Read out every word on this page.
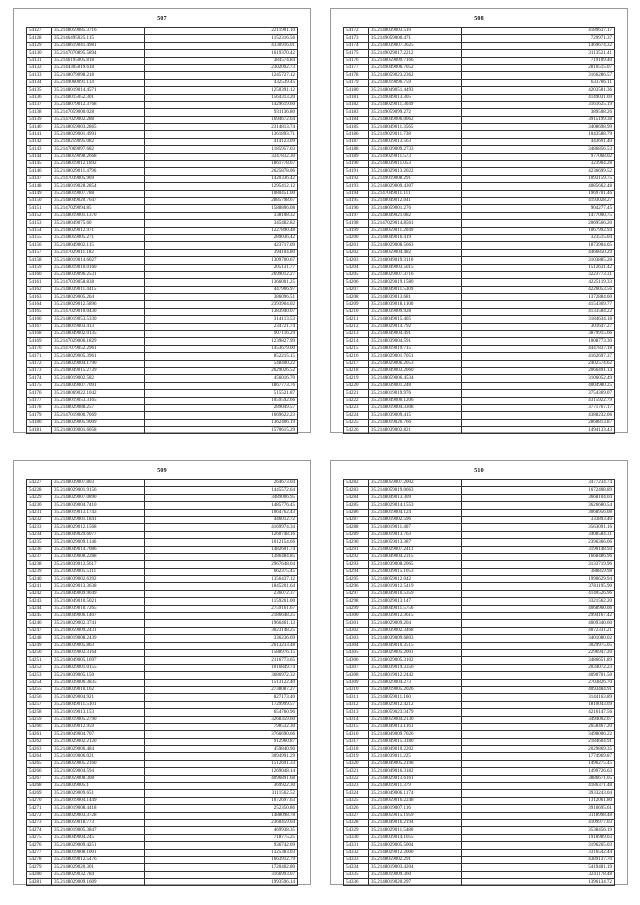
507
54127	35.2148059085.3716	2211901.10
54128	35.2146495025.115	1152316.56
54129	35.2148619041.4981	4330916.01
54130	35.2147070895.5894	1619370.42
54131	35.2146195005.818	384574.84
54132	35.2144305019.618	2302092.73
54133	35.2148079098.218	1245727.12
54134	35.2149060091.114	432539.45
54135	35.2148019014.4571	1250391.12
54136	35.2148015052.301	1564313.20
54137	35.2148079012.3768	1429619.60
54138	35.2147059000.028	931136.80
54139	35.2147029002.288	1694672.64
54140	35.2148059003.2865	2314813.74
54141	35.2148029001.4991	1361893.71
54142	35.2148259095.082	414123.09
54143	35.2147069097.682	1185957.03
54144	35.2148059098.2668	3347832.30
54145	35.2148019012.1892	1861778.67
54146	35.2148029011.4796	2625878.06
54147	35.2147039005.969	1420336.42
54148	35.2148019028.2854	1295412.12
54149	35.2148019007.788	1080451.00
54150	35.2148049020.7647	2885798.67
54151	35.2147029094.85	1588806.08
54152	35.2148019001.1370	338108.32
54153	35.2148049075.60	345482.82
54154	35.2148029012.971	1227890.48
54155	35.2148059005.271	289036.42
54156	35.2148049002.115	423717.09
54157	35.2147029011.182	394104.80
54158	35.2148019014.6027	1309700.67
54159	35.2148019010.0160	205131.77
54160	35.2148039096.2531	2699012.27
54161	35.2147039058.838	1366001.25
54162	35.2148039011.4415	447906.97
54163	35.2148029005.264	386096.51
54164	35.2148029012.5896	2393904.02
54165	35.2147029010.0430	1383940.07
54166	35.2148019053.5330	314113.53
54167	35.2148019003.413	234721.74
54168	35.2148049002.0135	907116.29
54169	35.2147029006.1829	1239827.99
54170	35.2147079052.2961	1453679.00
54171	35.2148029005.3961	852215.15
54172	35.2148029004.1790	548400.22
54173	35.2148049015.2739	2629026.52
54174	35.2148019002.582	456016.70
54175	35.2148039007.7091	1867773.76
54176	35.2148069022.1042	515521.87
54177	35.2148019053.3165	1059592.66
54178	35.2148029088.257	289049.57
54179	35.2147019000.7069	1669622.23
54180	35.2148029005.9009	1362406.19
54181	35.2148039001.6058	1570615.29
508
54172	35.2148039003.510	4189637.17
54173	35.2149059000.471	729971.37
54174	35.2148039007.3625	1469674.32
54175	35.2149029017.2212	3113521.41
54176	35.2148059009.7166	719109.40
54177	35.2149049006.7052	2810515.07
54178	35.2148059023.2362	3166286.57
54179	35.2148019096.759	633786.11
54180	35.2148049051.4493	4203581.36
54181	35.2149049013.305	4149031.69
54182	35.2148029011.3049	3161625.19
54183	35.2149059099.272	389508.26
54184	35.2148049006.0062	3915199.38
54185	35.2148049011.3565	3408698.99
54186	35.2149029011.738	1043588.79
54187	35.2148039013.563	443691.40
54188	35.2148039009.2733	3486856.53
54189	35.2149029011.573	977068.02
54190	35.2148039011.053	323904.28
54191	35.2148029013.2022	4236699.52
54192	35.2149019008.291	1093159.75
54193	35.2148029009.4307	4085662.48
54194	35.2147049011.111	1969701.46
54195	35.2148049012.041	4193028.27
54196	35.2148059001.276	904277.45
54197	35.2148049021.082	1477000.75
54198	35.2147029014.8561	2069566.20
54199	35.2148059011.2049	1067992.94
54200	35.2148049016.419	323515.04
54201	35.2148029008.5663	1873904.05
54202	35.2148059004.482	4466850.29
54203	35.2148049019.3110	3103885.28
54204	35.2148049003.5015	1512631.42
54205	35.2148029007.3716	3223773.31
54206	35.2148029019.1580	4225119.33
54207	35.2148049011.5309	4226053.56
54208	35.2148039013.681	1372884.60
54209	35.2148039018.1100	4154369.77
54210	35.2148039009.928	4133584.22
54211	35.2148049015.405	3184634.18
54212	35.2148029014.792	301647.27
54213	35.2148049004.491	3879915.66
54214	35.2148039004.591	1008773.30
54215	35.2148019019.715	4447837.18
54216	35.2148029001.7051	4162697.37
54217	35.2148029006.2053	2402574.62
54218	35.2148049003.2060	2066491.14
54219	35.2148059006.4534	3106052.49
54220	35.2148039001.248	4004980.25
54221	35.2148019019.976	3754369.07
54222	35.2148049000.1206	4315922.79
54223	35.2148019004.3308	3771767.17
54224	35.2148039009.415	4388232.06
54225	35.2148019026.766	2868813.87
54226	35.2148039002.821	1494133.43
509
54227	35.2148039007.803	264673.04
54228	35.2148029001.9156	1445572.64
54229	35.2148029007.0890	3489006.95
54230	35.2148039004.7410	1485776.45
54231	35.2148019013.1743	1064762.43
54232	35.2148029001.1841	446012.72
54233	35.2148029012.1568	4169974.34
54234	35.2148049029.6077	1260748.16
54235	35.2148029009.1146	1012154.66
54236	35.2148049014.7086	1482601.74
54237	35.2148039008.2288	1386484.85
54238	35.2148039013.5617	2967648.04
54239	35.2148039005.5111	662375.45
54240	35.2148039002.6392	1356437.12
54241	35.2148029013.3638	1845201.64
54242	35.2148049009.9049	236072.37
54243	35.2148049010.5021	1159261.00
54244	35.2148039010.7265	2759161.67
54245	35.2148049006.1407	2186648.25
54246	35.2148029002.3741	1966461.13
54247	35.2148059009.2431	3023148.25
54248	35.2148019008.2439	336236.69
54249	35.2148039005.863	2613233.48
54250	35.2148019002.3164	1588976.15
54251	35.2148049005.1697	2116773.65
54252	35.2148029001.0155	1016849.74
54253	35.2148039005.150	3686972.32
54254	35.2148039006.3835	1513122.40
54255	35.2148039010.162	2738087.27
54256	35.2148029004.921	827173.40
54257	35.2148049011.5101	1729999.57
54258	35.2148019013.153	654760.96
54259	35.2148019005.2790	3268359.60
54260	35.2148039012.959	798532.30
54261	35.2148049004.707	3766690.66
54262	35.2148029002.2120	912960.87
54263	35.2148029006.484	459840.90
54264	35.2148019006.021	3094991.29
54265	35.2148059005.2160	1512691.33
54266	35.2148059004.594	1269048.14
54267	35.2148059008.308	4096891.68
54268	35.2148039005.1	369922.30
54269	35.2148029009.651	3111562.52
54270	35.2148019004.1449	1072697.63
54271	35.2148019008.4418	252350.86
54272	35.2148029003.3728	1488098.78
54273	35.2148059018.773	2360459.04
54274	35.2148019005.3847	469938.35
54275	35.2148049004.245	718775.25
54276	35.2148029009.4251	936742.09
54277	35.2148019008.1001	1325383.03
54278	35.2148019012.5476	1663912.79
54279	35.2148029020.301	1720402.80
54280	35.2148029032.784	3166993.07
54281	35.2148029009.1609	1993596.14
510
54282	35.2148059007.2002	3477234.74
54283	35.2148059019.0663	1672408.89
54284	35.2148049013.309	3668104.04
54285	35.2148029014.1553	3626680.54
54286	35.2148019004.124	3068956.08
54287	35.2148019002.596	333893.40
54288	35.2148019011.407	3563091.16
54289	35.2148019013.763	3408584.31
54290	35.2148059013.387	2396366.06
54291	35.2148029007.2411	3190148.94
54292	35.2148049004.2315	1668486.96
54293	35.2148039008.2065	3133719.96
54294	35.2148039015.1053	388859.98
54295	35.2148059012.042	1990629.94
54296	35.2148019012.5419	3781195.90
54297	35.2148049010.5359	4140526.96
54298	35.2148029013.147	3321562.20
54299	35.2148049011.5756	4068960.06
54300	35.2148039012.3615	2994167.42
54301	35.2148029009.204	4009340.60
54302	35.2148039002.3468	4072331.21
54303	35.2148039009.6803	3401080.02
54304	35.2148049010.3515	3029975.05
54305	35.2148029005.2001	2296947.20
54306	35.2148029005.3102	3486651.89
54307	35.2148039019.3356	2034072.23
54308	35.2148019012.2442	4090701.50
54309	35.2148029004.273	2703826.70
54310	35.2148019005.2026	4093484.91
54311	35.2148059011.160	3144163.89
54312	35.2148029012.4212	1810043.69
54313	35.2148059023.3479	4216147.56
54314	35.2148059004.2130	3494002.07
54315	35.2148049013.1161	2658467.20
54316	35.2148049009.7026	3498006.22
54317	35.2148049015.3180	2184604.91
54318	35.2148049010.2202	2029869.35
54319	35.2148039011.225	1774969.87
54320	35.2148049005.2198	1496275.45
54321	35.2148049016.3182	1499726.63
54322	35.2148029013.6161	3886671.05
54323	35.2148019011.379	4186371.48
54324	35.2148049006.1174	3933243.04
54325	35.2148059016.2248	1312061.80
54326	35.2148019007.116	3916695.61
54327	35.2148059015.1959	3118998.48
54328	35.2148049016.2194	4109977.03
54329	35.2148029011.5480	3538456.19
54330	35.2148039014.1055	1918989.03
54331	35.2148029005.5004	3196265.03
54332	35.2148029012.2000	3316542.44
54333	35.2148059002.291	4389137.70
54334	35.2148019003.4204	5419481.19
54335	35.2148019009.360	3241178.48
54336	35.2148019020.297	1396134.72
